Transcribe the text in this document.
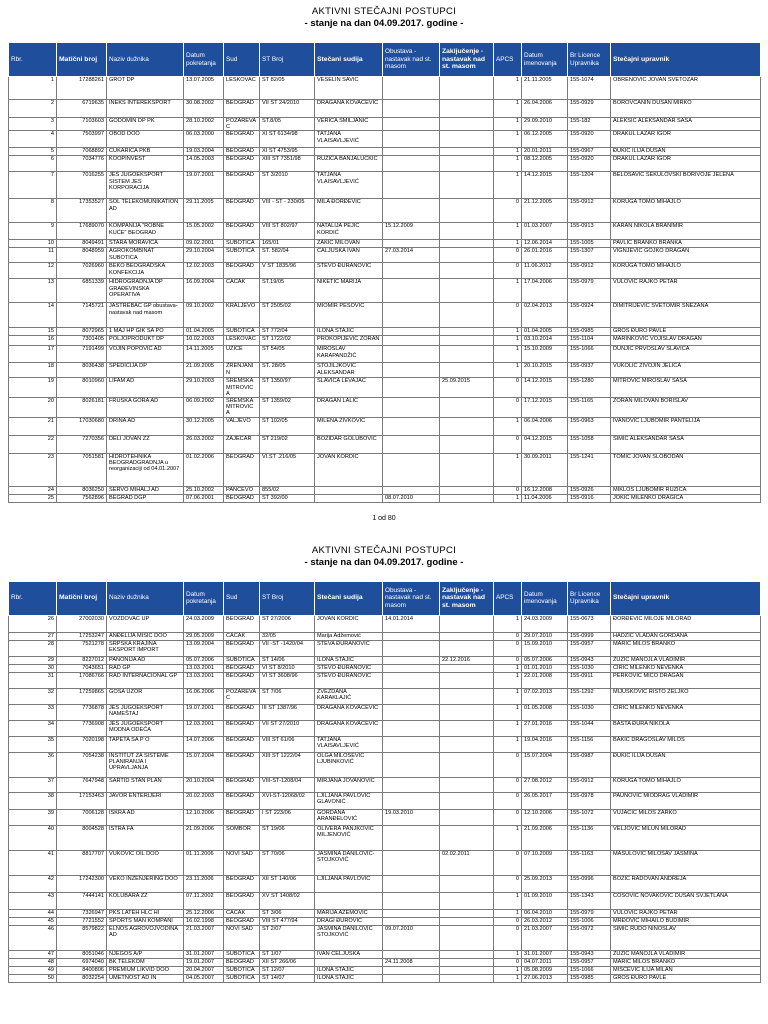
AKTIVNI STEČAJNI POSTUPCI
- stanje na dan 04.09.2017. godine -
Rbr.	Matični broj	Naziv dužnika	Datum pokretanja	Sud	ST Broj	Stečani sudija	Obustava - nastavak nad st. masom	Zaključenje - nastavak nad st. masom	APCS	Datum imenovanja	Br Licence Upravnika	Stečajni upravnik
1	17288261	GROT DP	13.07.2005	LESKOVAC	ST 82/05	VESELIN SAVIĆ			1	21.11.2005	155-1074	OBRENOVIĆ JOVAN SVETOZAR
2	6719635	INEKS INTEREKSPORT	30.08.2002	BEOGRAD	VII ST 24/2010	DRAGANA KOVAČEVIĆ			1	26.04.2006	155-0929	BOROVČANIN DUŠAN MIRKO
3	7103603	GODOMIN DP PK	28.10.2002	POŽAREVAC	ST.8/05	VERICA SMILJANIĆ			1	29.09.2010	155-182	ALEKSIĆ ALEKSANDAR SAŠA
4	7503997	OBOD DOO	06.03.2000	BEOGRAD	XI ST 6134/98	TATJANA VLAISAVLJEVIĆ			1	06.12.2005	155-0920	DRAKUL LAZAR IGOR
5	7068892	ČUKARICA PKB	19.03.2004	BEOGRAD	XI ST 4753/95				1	20.01.2011	155-0967	ĐUKIĆ ILIJA DUŠAN
6	7034776	KOOPINVEST	14.05.2003	BEOGRAD	XIII ST 7351/98	RUŽICA BANJALUČKIĆ			1	08.12.2005	155-0920	DRAKUL LAZAR IGOR
7	7016255	JES JUGOEKSPORT SISTEM JES KORPORACIJA	19.07.2001	BEOGRAD	ST 3/2010	TATJANA VLAISAVLJEVIĆ			1	14.12.2015	155-1204	BELOSAVIĆ SEKULOVSKI BORIVOJE JELENA
8	17353527	SOL TELEKOMUNIKATION AD	29.11.2005	BEOGRAD	VIII - ST - 230/05	MILA ĐORĐEVIĆ			0	21.12.2005	155-0912	KORUGA TOMO MIHAJLO
9	17689070	KOMPANIJA "ROBNE KUĆE" BEOGRAD	15.05.2002	BEOGRAD	VIII ST 802/97	NATALIJA PEJIĆ KORDIĆ	15.12.2009		1	01.03.2007	155-0913	KARAN NIKOLA BRANIMIR
10	8049491	STARA MORAVICA	09.02.2001	SUBOTICA	165/01	ZAKIĆ MILOVAN			1	12.06.2014	155-1005	PAVLIĆ BRANKO BRANKA
11	8048959	AGROKOMBINAT SUBOTICA	29.10.2004	SUBOTICA	ST. 582/04	ČALJUSKA IVAN	27.03.2014		0	26.01.2016	155-1307	VIGNJEVIĆ GOJKO DRAGAN
12	7026960	BEKO BEOGRADSKA KONFEKCIJA	12.02.2003	BEOGRAD	V ST 1835/96	STEVO ĐURANOVIĆ			0	11.06.2012	155-0912	KORUGA TOMO MIHAJLO
13	6851339	HIDROGRADNJA DP GRAĐEVINSKA OPERATIVA	16.09.2004	ČAČAK	ST.19/05	NIKETIĆ MARIJA			1	17.04.2006	155-0979	VULOVIĆ RAJKO PETAR
14	7145721	JASTREBAC GP obustava-nastavak nad masom	09.10.2002	KRALJEVO	ST 2505/02	MIOMIR PEŠOVIĆ			0	02.04.2013	155-0924	DIMITRIJEVIĆ SVETOMIR SNEŽANA
15	8072965	1 MAJ HP GIK SA PO	01.04.2005	SUBOTICA	ST 772/04	ILONA STAJIĆ			1	01.04.2005	155-0985	GROS ĐURO PAVLE
16	7301405	POLJOPRODUKT DP	10.02.2003	LESKOVAC	ST 1722/02	PROKOPIJEVIĆ ZORAN			1	03.10.2014	155-1104	MARINKOVIĆ VOJISLAV DRAGAN
17	7191499	VOJIN POPOVIĆ AD	14.11.2005	UŽICE	ST 54/05	MIROSLAV KARAPANDŽIĆ			1	15.10.2009	155-1066	DUNJIĆ PRVOSLAV SLAVICA
18	8036438	SPEDICIJA DP	21.09.2005	ZRENJANIN	ST. 28/05	STOJILJKOVIĆ ALEKSANDAR			1	20.10.2015	155-0937	VUKOLIĆ ŽIVOJIN JELICA
19	8010960	LIFAM AD	29.10.2003	SREMSKA MITROVICA	ST 1350/97	SLAVICA LEVAJAC		25.09.2015	0	14.12.2015	155-1280	MITROVIĆ MIROSLAV SAŠA
20	8026181	FRUŠKA GORA AD	06.09.2002	SREMSKA MITROVICA	ST 1359/02	DRAGAN LALIĆ			0	17.12.2015	155-1165	ZORAN MILOVAN BORISLAV
21	17030680	DRINA AD	30.12.2005	VALJEVO	ST 102/05	MILENA ŽIVKOVIĆ			1	06.04.2006	155-0963	IVANOVIĆ LJUBOMIR PANTELIJA
22	7270356	DELI JOVAN ZZ	26.03.2002	ZAJEČAR	ST 219/02	BOŽIDAR GOLUBOVIĆ			0	04.12.2015	155-1058	SIMIĆ ALEKSANDAR SAŠA
23	7051581	HIDROTEHNIKA BEOGRADGRADNJA u reorganizaciji od 04.01.2007	01.02.2006	BEOGRAD	VI.ST .216/05	JOVAN KORDIĆ			1	30.09.2011	155-1241	TOMIĆ JOVAN SLOBODAN
24	8036250	SERVO MIHALJ AD	25.10.2002	PANČEVO	855/02				0	16.12.2008	155-0926	MIKLOŠ LJUBOMIR RUŽICA
25	7562896	BEGRAD DGP	07.06.2001	BEOGRAD	ST 392/00		08.07.2010		1	11.04.2006	155-0916	JOKIĆ MILENKO DRAGICA
1 od 80
AKTIVNI STEČAJNI POSTUPCI
- stanje na dan 04.09.2017. godine -
Rbr.	Matični broj	Naziv dužnika	Datum pokretanja	Sud	ST Broj	Stečani sudija	Obustava - nastavak nad st. masom	Zaključenje - nastavak nad st. masom	APCS	Datum imenovanja	Br Licence Upravnika	Stečajni upravnik
26	27002030	VOŽDOVAC UP	24.03.2009	BEOGRAD	ST 27/2006	JOVAN KORDIĆ	14.01.2014		1	24.03.2009	155-0673	ĐORĐEVIĆ MILOJE MILORAD
27	17253247	ANĐELIJA MIŠIĆ DOO	29.05.2009	ČAČAK	32/05	Marija Adžemović			0	29.07.2010	155-0999	HADŽIĆ VLADAN GORDANA
28	7521278	SRPSKA KRAJINA EKSPORT IMPORT	13.09.2004	BEOGRAD	VII -ST -1420/04	STEVA ĐURANOVIĆ			0	15.09.2010	155-0957	MARIĆ MILOŠ BRANKO
29	8227012	PANONIJA AD	05.07.2006	SUBOTICA	ST 14/06	ILONA STAJIĆ		22.12.2016	0	05.07.2006	155-0943	ŽUŽIĆ MANOJLA VLADIMIR
30	7043651	RAD GP	13.03.2001	BEOGRAD	VI ST 8/2010	STEVO ĐURANOVIĆ			1	01.01.2010	155-1030	ĆIRIĆ MILENKO NEVENKA
31	17086766	RAD INTERNACIONAL GP	13.03.2001	BEOGRAD	VI ST 3608/96	STEVO ĐURANOVIĆ			1	22.01.2008	155-0911	PERKOVIĆ MICO DRAGAN
32	17259865	GOŠA UZOR	16.06.2006	POŽAREVAC	ST 7/06	ZVEZDANA KARAKLAJIĆ			1	07.02.2013	155-1292	MIJUŠKOVIĆ RISTO ŽELJKO
33	7736878	JES JUGOEKSPORT NAMEŠTAJ	19.07.2001	BEOGRAD	III ST 1387/96	DRAGANA KOVAČEVIĆ			1	01.05.2008	155-1030	ĆIRIĆ MILENKO NEVENKA
34	7736908	JES JUGOEKSPORT MODNA ODEĆA	12.03.2001	BEOGRAD	VII ST 27/2010	DRAGANA KOVAČEVIĆ			1	27.01.2016	155-1044	BASTA ĐURA NIKOLA
35	7020198	TAPETA SA P O	14.07.2006	BEOGRAD	VIII ST 61/06	TATJANA VLAISAVLJEVIĆ			1	19.04.2016	155-1156	BAKIĆ DRAGOSLAV MILOŠ
36	7054238	INSTITUT ZA SISTEME PLANIRANJA I UPRAVLJANJA	15.07.2004	BEOGRAD	XIII ST 1222/04	OLGA MILOŠEVIĆ LJUBINKOVIĆ			0	15.07.2004	155-0987	ĐUKIĆ ILIJA DUŠAN
37	7647948	SARTID STAN PLAN	20.10.2004	BEOGRAD	VIII-ST-1208/04	MIRJANA JOVANOVIĆ			0	27.08.2012	155-0912	KORUGA TOMO MIHAJLO
38	17153463	JAVOR ENTERIJERI	20.02.2003	BEOGRAD	XVI-ST-12068/02	LJILJANA PAVLOVIĆ GLAVONIĆ			0	26.05.2017	155-0978	PAUNOVIĆ MIODRAG VLADIMIR
39	7006128	ISKRA AD	12.10.2006	BEOGRAD	I ST 223/06	GORDANA ARANĐELOVIĆ	19.03.2010		0	12.10.2006	155-1072	VUJAČIĆ MILOŠ ŽARKO
40	8004528	ISTRA FA	21.09.2006	SOMBOR	ST 19/06	OLIVERA PANJKOVIĆ MILJENOVIĆ			1	21.09.2006	155-1136	VELJOVIĆ MILUN MILORAD
41	8817707	VUKOVIĆ OIL DOO	01.11.2006	NOVI SAD	ST 70/06	JASMINA DANILOVIĆ-STOJKOVIĆ		02.02.2011	0	07.10.2009	155-1163	MAŠULOVIĆ MILOSAV JASMINA
42	17242300	VEKO INŽENJERING DOO	23.11.2006	BEOGRAD	XII ST 140/06	LJILJANA PAVLOVIĆ			0	25.09.2013	155-0996	BOŽIĆ RADOVAN ANDREJA
43	7444141	KOLUBARA ZZ	07.11.2002	BEOGRAD	XV ST 1408/02				1	01.09.2010	155-1343	COSOVIĆ NOVAKOVIĆ DUŠAN SVJETLANA
44	7326947	PKS LATEH HLC HI	25.12.2006	ČAČAK	ST 3/06	MARIJA AŽEMOVIĆ			1	06.04.2010	155-0979	VULOVIĆ RAJKO PETAR
45	7721552	SPORTS MAN KOMPANI	16.02.1998	BEOGRAD	VIII ST 477/94	DRAGI ĐUROVIĆ			0	26.03.2012	155-1006	MRĐOVIĆ MIHAILO BUDIMIR
46	8579822	ELNOS AGROVOJVODINA AD	21.03.2007	NOVI SAD	ST 2/07	JASMINA DANILOVIĆ STOJKOVIĆ	09.07.2010		0	21.03.2007	155-0972	ŠIMIĆ RUDO NINOSLAV
47	8051046	NJEGOŠ A/P	31.01.2007	SUBOTICA	ST 1/07	IVAN ČELJUSKA			1	31.01.2007	155-0943	ŽUŽIĆ MANOJLA VLADIMIR
48	6974040	BK TELEKOM	19.01.2007	BEOGRAD	XII ST 266/06		24.11.2008		0	04.07.2011	155-0957	MARIĆ MILOŠ BRANKO
49	8400806	PREMIUM LIKVID DOO	20.04.2007	SUBOTICA	ST 12/07	ILONA STAJIĆ			1	05.08.2009	155-1066	MISĆEVIĆ ILIJA MILAN
50	8032254	UMETNOST AD IN	04.05.2007	SUBOTICA	ST 14/07	ILONA STAJIĆ			1	27.06.2013	155-0985	GROS ĐURO PAVLE
